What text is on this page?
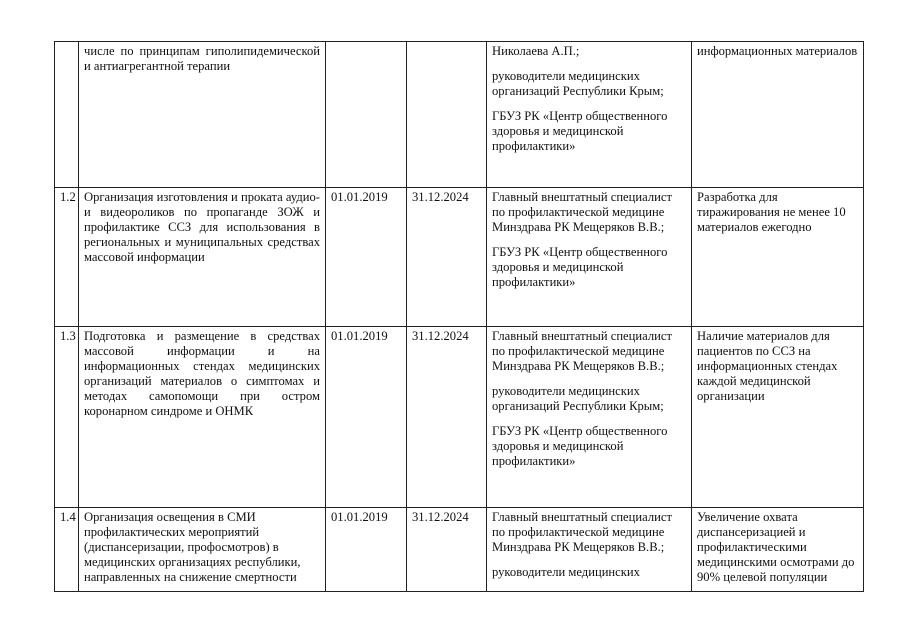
	числе по принципам гиполипидемической и антиагрегантной терапии			Николаева А.П.;
руководители медицинских организаций Республики Крым;
ГБУЗ РК «Центр общественного здоровья и медицинской профилактики»	информационных материалов
1.2	Организация изготовления и проката аудио- и видеороликов по пропаганде ЗОЖ и профилактике ССЗ для использования в региональных и муниципальных средствах массовой информации	01.01.2019	31.12.2024	Главный внештатный специалист по профилактической медицине Минздрава РК Мещеряков В.В.;
ГБУЗ РК «Центр общественного здоровья и медицинской профилактики»	Разработка для тиражирования не менее 10 материалов ежегодно
1.3	Подготовка и размещение в средствах массовой информации и на информационных стендах медицинских организаций материалов о симптомах и методах самопомощи при остром коронарном синдроме и ОНМК	01.01.2019	31.12.2024	Главный внештатный специалист по профилактической медицине Минздрава РК Мещеряков В.В.;
руководители медицинских организаций Республики Крым;
ГБУЗ РК «Центр общественного здоровья и медицинской профилактики»	Наличие материалов для пациентов по ССЗ на информационных стендах каждой медицинской организации
1.4	Организация освещения в СМИ профилактических мероприятий (диспансеризации, профосмотров) в медицинских организациях республики, направленных на снижение смертности	01.01.2019	31.12.2024	Главный внештатный специалист по профилактической медицине Минздрава РК Мещеряков В.В.;
руководители медицинских	Увеличение охвата диспансеризацией и профилактическими медицинскими осмотрами до 90% целевой популяции
